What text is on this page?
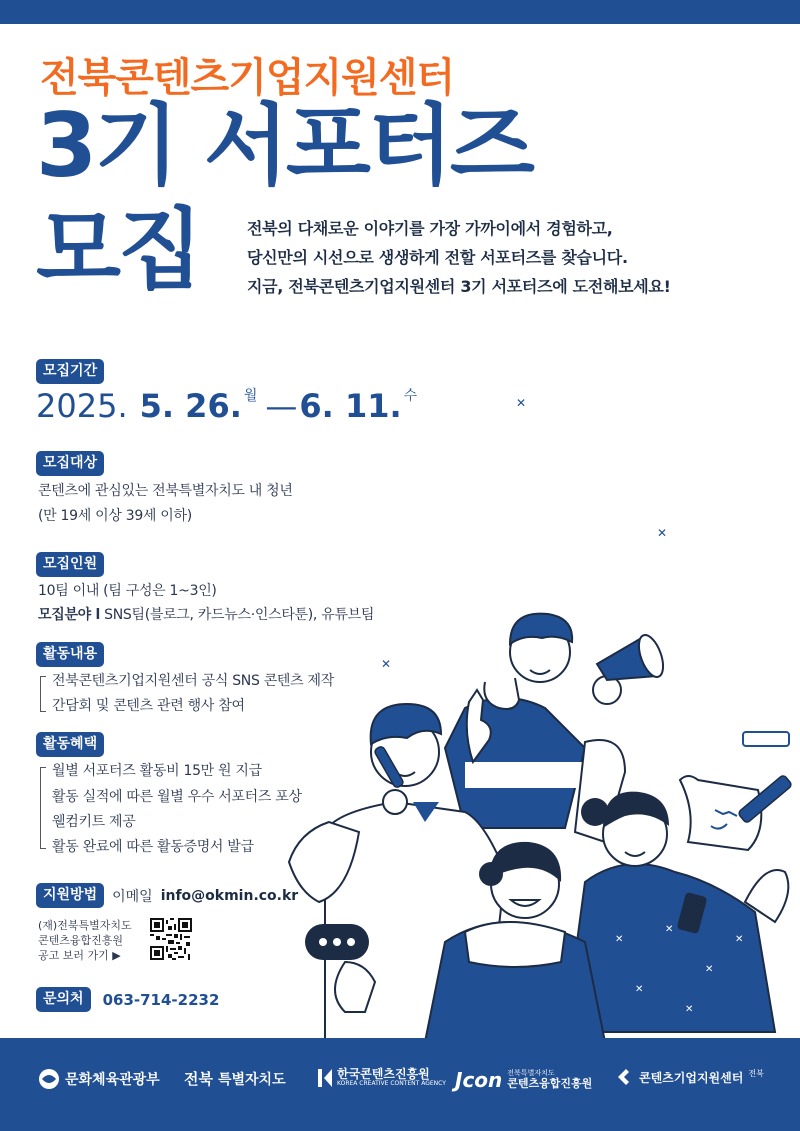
전북콘텐츠기업지원센터
3기 서포터즈
모집	전북의 다채로운 이야기를 가장 가까이에서 경험하고,

당신만의 시선으로 생생하게 전할 서포터즈를 찾습니다.

지금, 전북콘텐츠기업지원센터 3기 서포터즈에 도전해보세요!

모집기간
2025. 5. 26. 월 — 6. 11. 수
모집대상
콘텐츠에 관심있는 전북특별자치도 내 청년
(만 19세 이상 39세 이하)
모집인원
10팀 이내 (팀 구성은 1~3인)
모집분야 l SNS팀(블로그, 카드뉴스·인스타툰), 유튜브팀
활동내용
전북콘텐츠기업지원센터 공식 SNS 콘텐츠 제작
간담회 및 콘텐츠 관련 행사 참여
활동혜택
월별 서포터즈 활동비 15만 원 지급
활동 실적에 따른 월별 우수 서포터즈 포상
웰컴키트 제공
활동 완료에 따른 활동증명서 발급
지원방법	이메일 info@okmin.co.kr
(재)전북특별자치도
콘텐츠융합진흥원
공고 보러 가기 ▶
문의처	063-714-2232
✕
✕
✕
✕
✕
✕
✕
✕
✕
문화체육관광부 전북 특별자치도	한국콘텐츠진흥원
KOREA CREATIVE CONTENT AGENCY Jcon 전북특별자치도
콘텐츠융합진흥원	콘텐츠기업지원센터 전북
